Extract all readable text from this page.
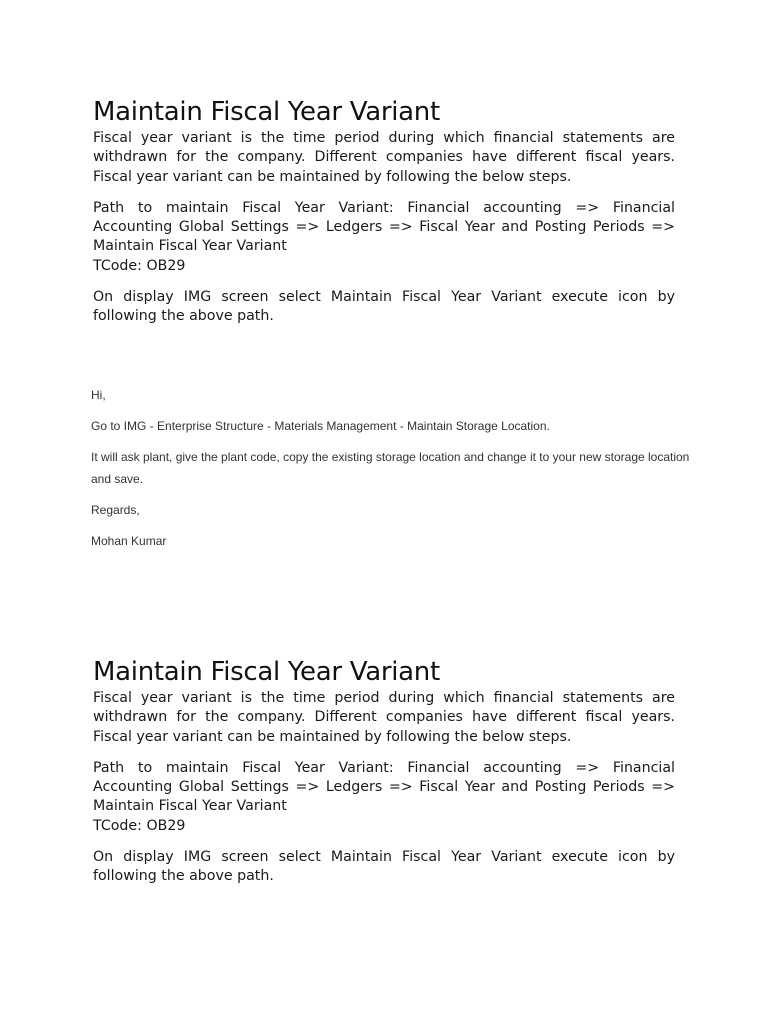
Maintain Fiscal Year Variant

Fiscal year variant is the time period during which financial statements are withdrawn for the company. Different companies have different fiscal years. Fiscal year variant can be maintained by following the below steps.

Path to maintain Fiscal Year Variant: Financial accounting => Financial Accounting Global Settings => Ledgers => Fiscal Year and Posting Periods => Maintain Fiscal Year Variant
TCode: OB29

On display IMG screen select Maintain Fiscal Year Variant execute icon by following the above path.

Hi,

Go to IMG - Enterprise Structure - Materials Management - Maintain Storage Location.

It will ask plant, give the plant code, copy the existing storage location and change it to your new storage location and save.

Regards,

Mohan Kumar

Maintain Fiscal Year Variant

Fiscal year variant is the time period during which financial statements are withdrawn for the company. Different companies have different fiscal years. Fiscal year variant can be maintained by following the below steps.

Path to maintain Fiscal Year Variant: Financial accounting => Financial Accounting Global Settings => Ledgers => Fiscal Year and Posting Periods => Maintain Fiscal Year Variant
TCode: OB29

On display IMG screen select Maintain Fiscal Year Variant execute icon by following the above path.
